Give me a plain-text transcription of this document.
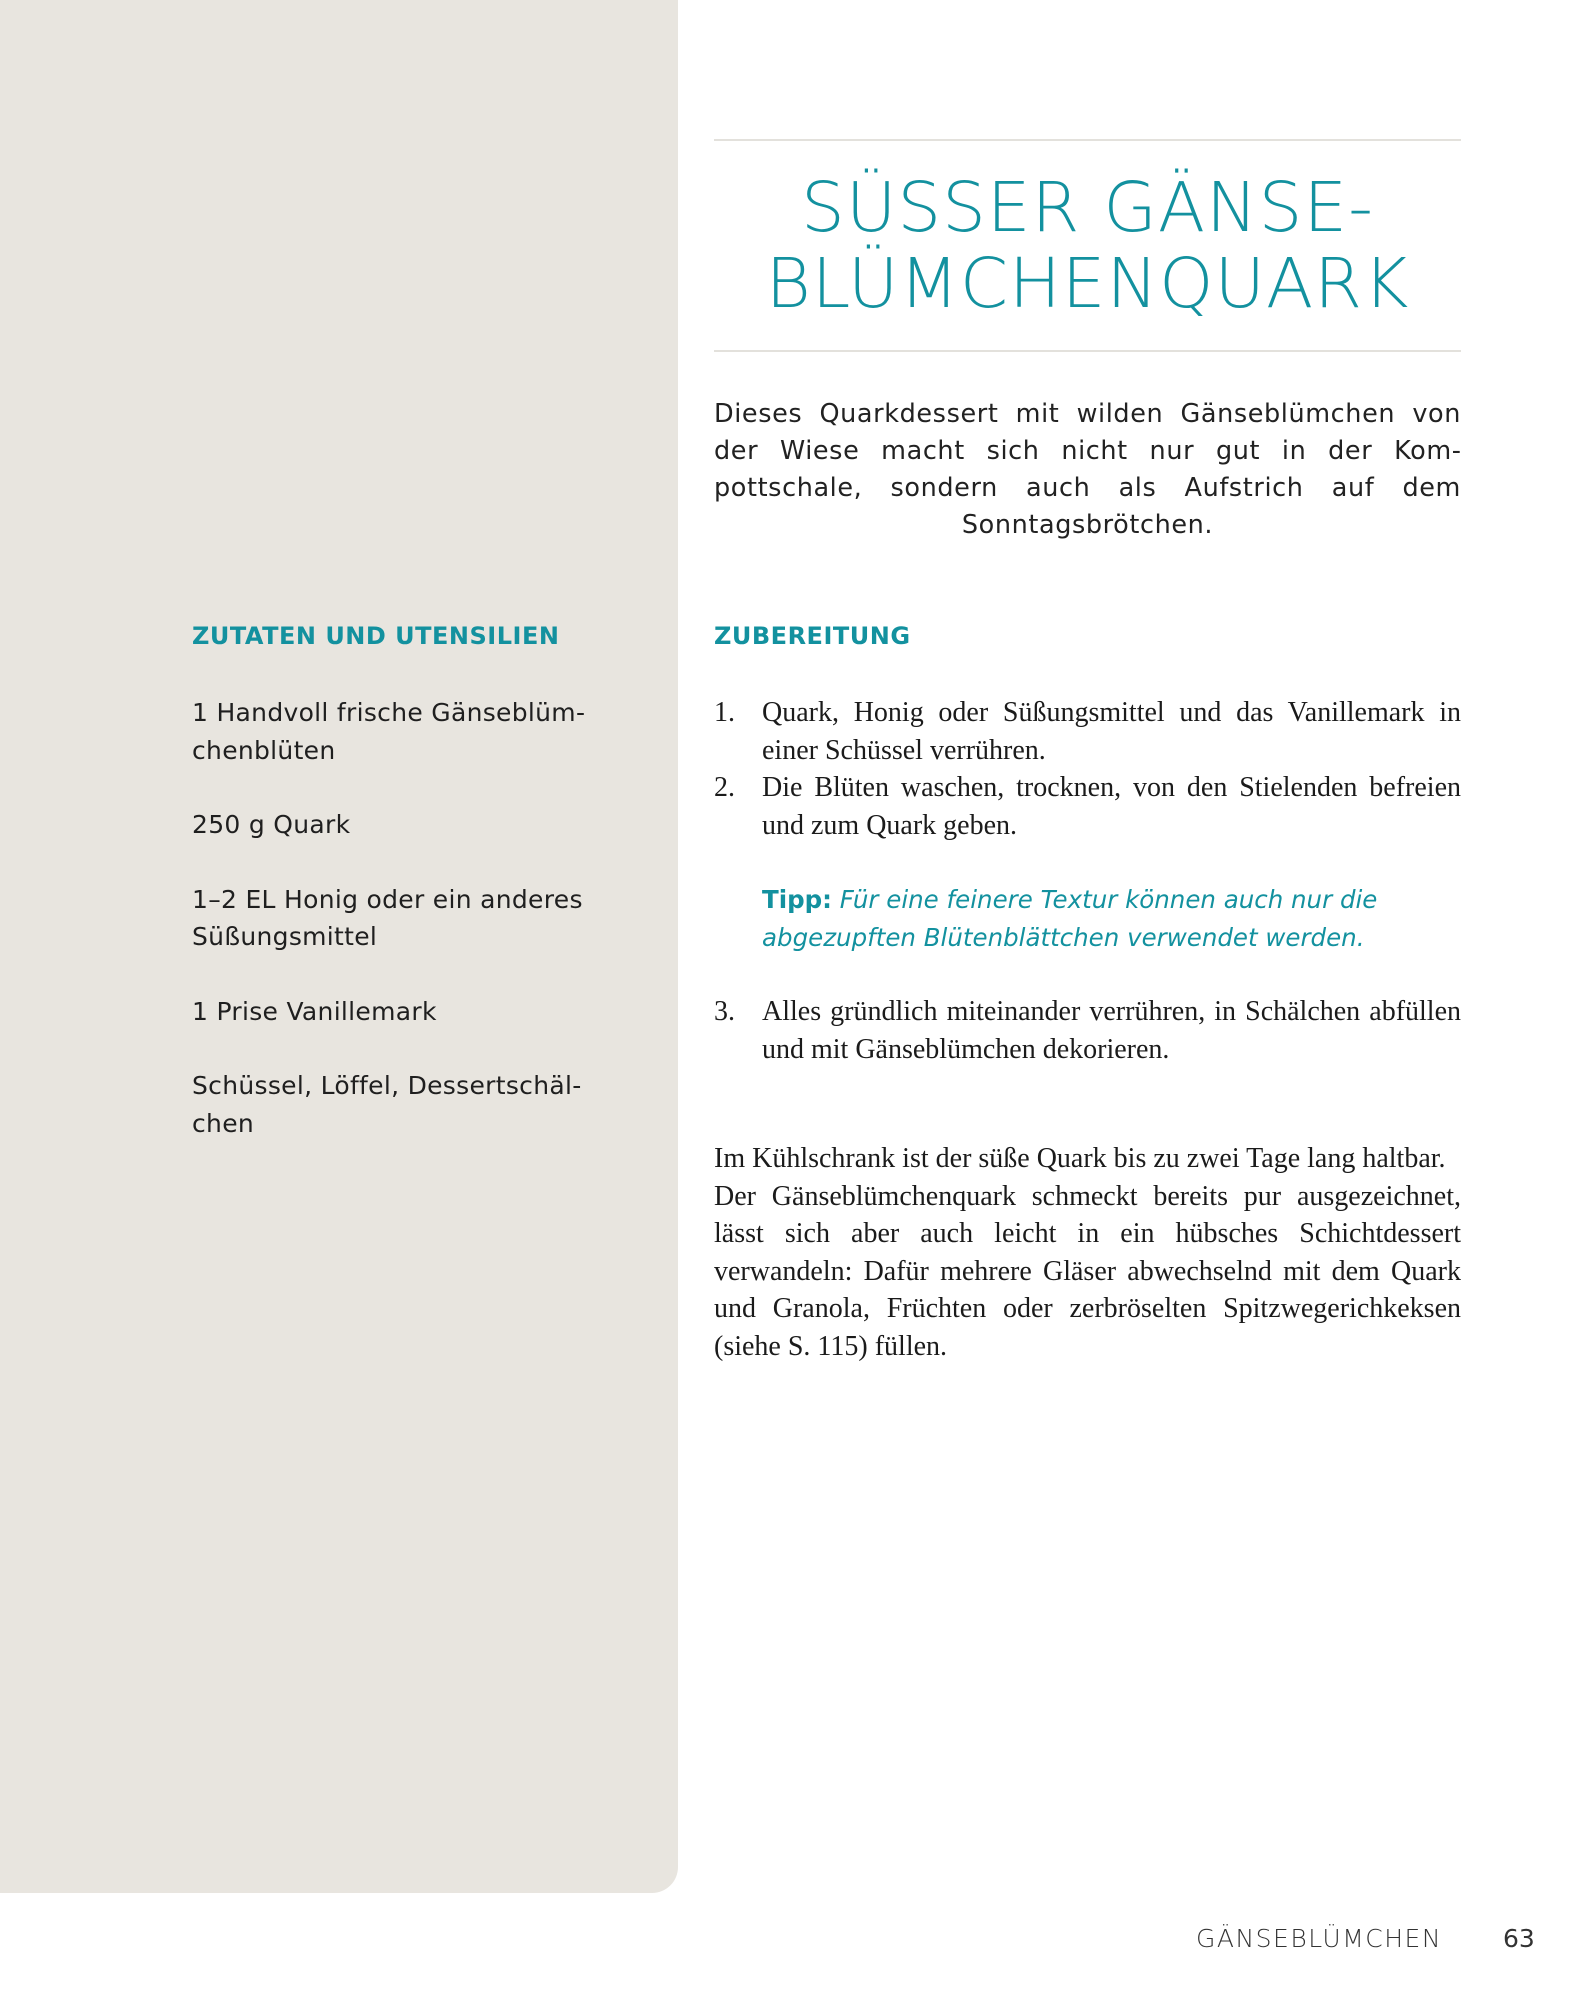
SÜSSER GÄNSE-
BLÜMCHENQUARK

Dieses Quarkdessert mit wilden Gänseblümchen von der Wiese macht sich nicht nur gut in der Kompottschale, sondern auch als Aufstrich auf dem Sonntagsbrötchen.

ZUTATEN UND UTENSILIEN
1 Handvoll frische Gänseblümchenblüten
250 g Quark
1–2 EL Honig oder ein anderes Süßungsmittel
1 Prise Vanillemark
Schüssel, Löffel, Dessertschälchen
ZUBEREITUNG

1. Quark, Honig oder Süßungsmittel und das Vanillemark in einer Schüssel verrühren.

2. Die Blüten waschen, trocknen, von den Stielenden befreien und zum Quark geben.

Tipp: Für eine feinere Textur können auch nur die abgezupften Blütenblättchen verwendet werden.

3. Alles gründlich miteinander verrühren, in Schälchen abfüllen und mit Gänseblümchen dekorieren.

Im Kühlschrank ist der süße Quark bis zu zwei Tage lang haltbar.

Der Gänseblümchenquark schmeckt bereits pur ausgezeichnet, lässt sich aber auch leicht in ein hübsches Schichtdessert verwandeln: Dafür mehrere Gläser abwechselnd mit dem Quark und Granola, Früchten oder zerbröselten Spitzwegerichkeksen (siehe S. 115) füllen.

GÄNSEBLÜMCHEN 63
